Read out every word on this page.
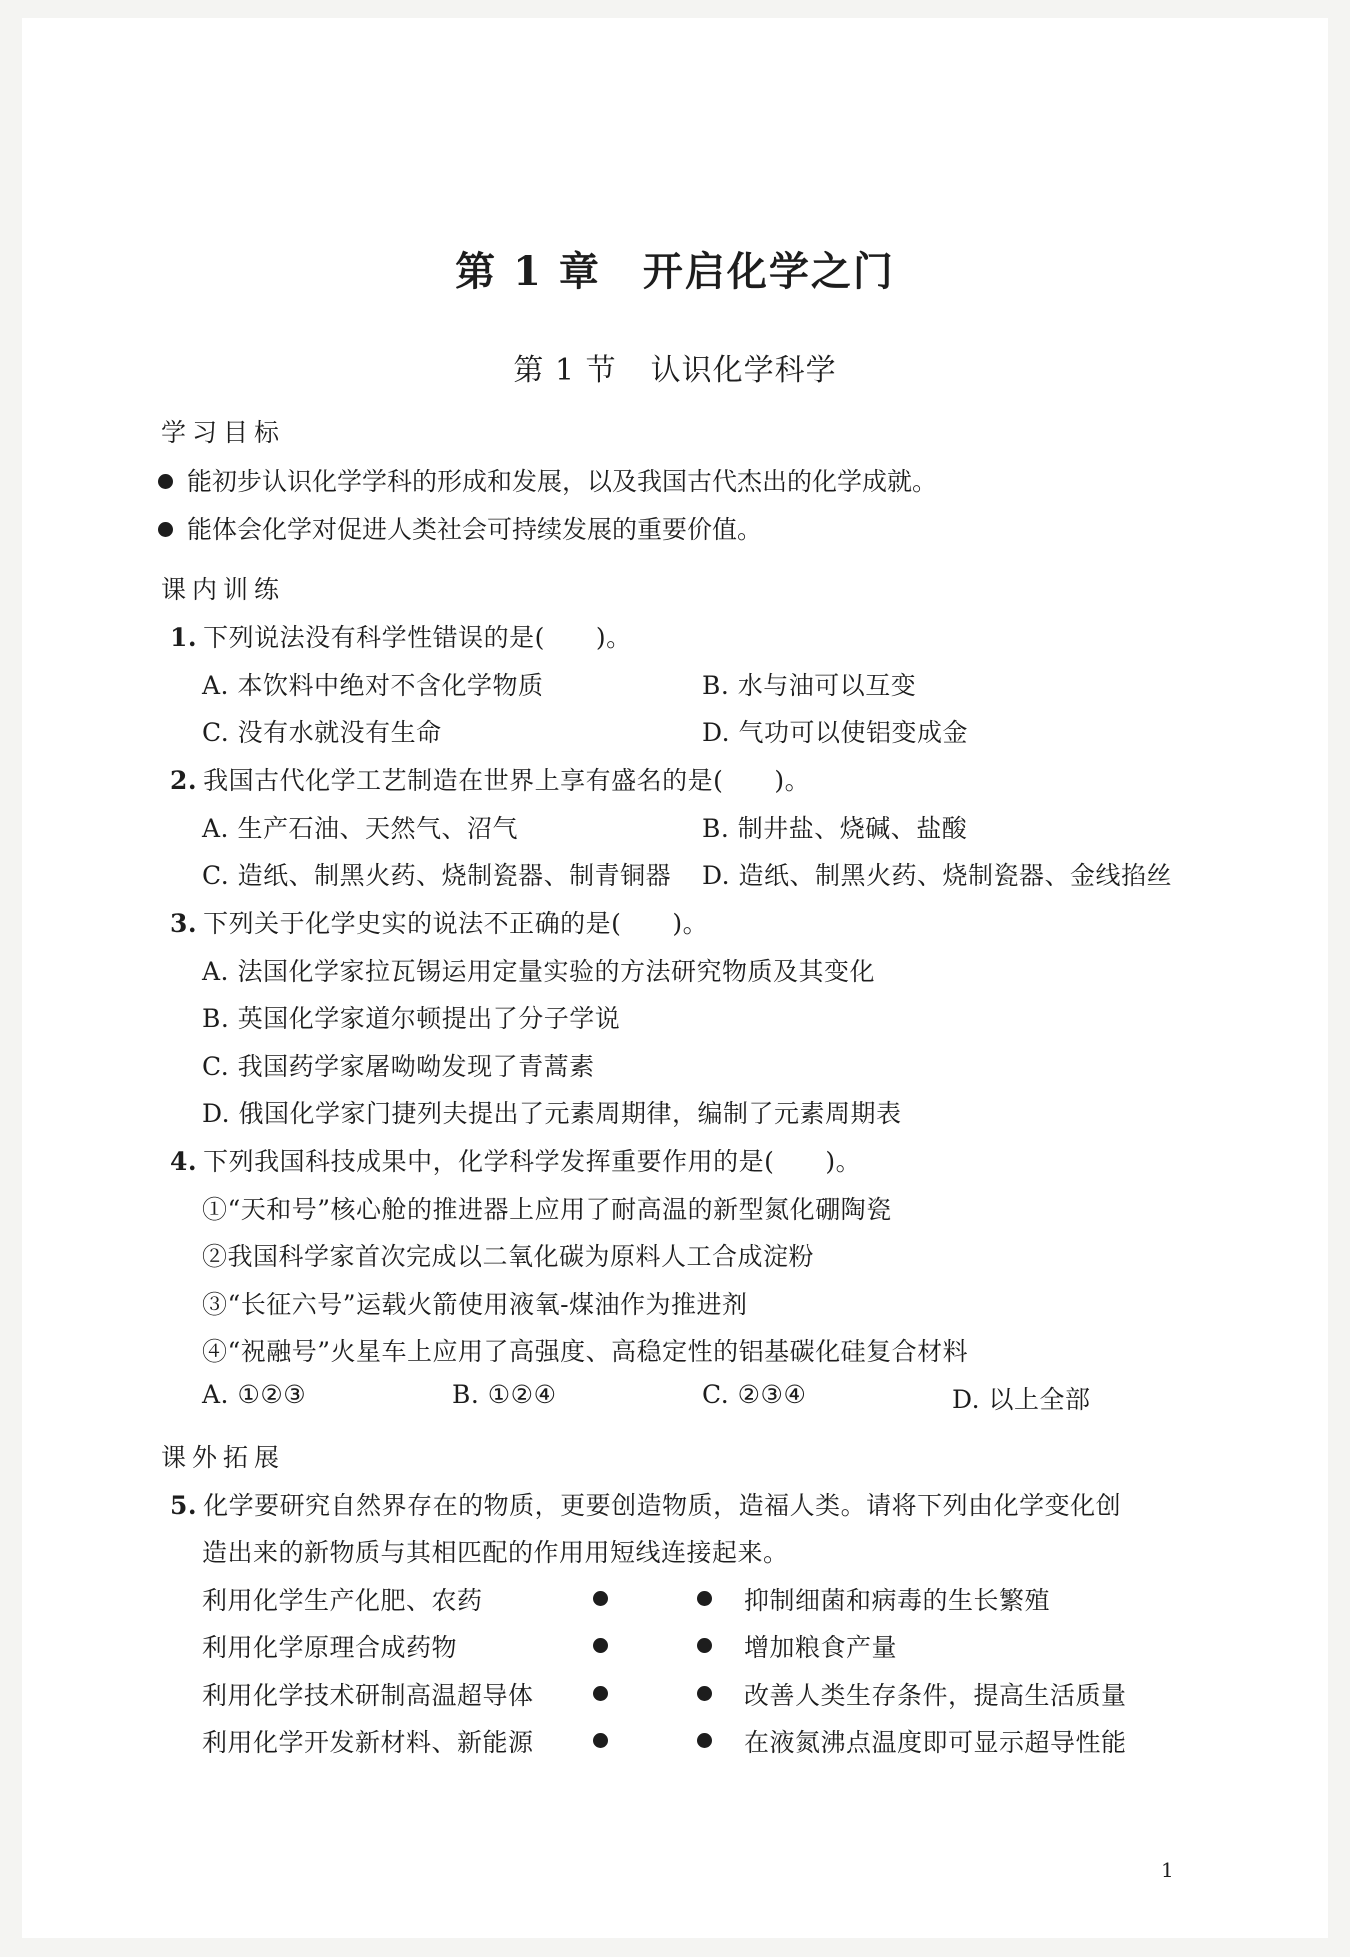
第 1 章 开启化学之门
第 1 节 认识化学科学
学习目标
能初步认识化学学科的形成和发展，以及我国古代杰出的化学成就。
能体会化学对促进人类社会可持续发展的重要价值。
课内训练
1. 下列说法没有科学性错误的是(　　)。
A. 本饮料中绝对不含化学物质	B. 水与油可以互变
C. 没有水就没有生命	D. 气功可以使铝变成金
2. 我国古代化学工艺制造在世界上享有盛名的是(　　)。
A. 生产石油、天然气、沼气	B. 制井盐、烧碱、盐酸
C. 造纸、制黑火药、烧制瓷器、制青铜器 D. 造纸、制黑火药、烧制瓷器、金线掐丝
3. 下列关于化学史实的说法不正确的是(　　)。
A. 法国化学家拉瓦锡运用定量实验的方法研究物质及其变化
B. 英国化学家道尔顿提出了分子学说
C. 我国药学家屠呦呦发现了青蒿素
D. 俄国化学家门捷列夫提出了元素周期律，编制了元素周期表
4. 下列我国科技成果中，化学科学发挥重要作用的是(　　)。
①“天和号”核心舱的推进器上应用了耐高温的新型氮化硼陶瓷
②我国科学家首次完成以二氧化碳为原料人工合成淀粉
③“长征六号”运载火箭使用液氧-煤油作为推进剂
④“祝融号”火星车上应用了高强度、高稳定性的铝基碳化硅复合材料
A. ①②③	B. ①②④	C. ②③④	D. 以上全部
课外拓展
5. 化学要研究自然界存在的物质，更要创造物质，造福人类。请将下列由化学变化创
造出来的新物质与其相匹配的作用用短线连接起来。
利用化学生产化肥、农药	抑制细菌和病毒的生长繁殖
利用化学原理合成药物	增加粮食产量
利用化学技术研制高温超导体	改善人类生存条件，提高生活质量
利用化学开发新材料、新能源	在液氮沸点温度即可显示超导性能
1
